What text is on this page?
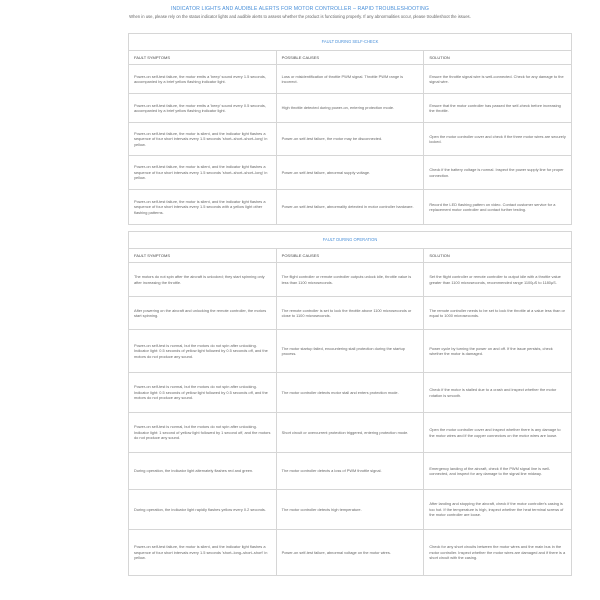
INDICATOR LIGHTS AND AUDIBLE ALERTS FOR MOTOR CONTROLLER – RAPID TROUBLESHOOTING
When in use, please rely on the status indicator lights and audible alerts to assess whether the product is functioning properly. If any abnormalities occur, please troubleshoot the issues.
FAULT DURING SELF-CHECK		
FAULT SYMPTOMS	POSSIBLE CAUSES	SOLUTION
Power-on self-test failure, the motor emits a 'beep' sound every 1.5 seconds, accompanied by a brief yellow flashing indicator light.	Loss or misidentification of throttle PWM signal. Throttle PWM range is incorrect.	Ensure the throttle signal wire is well-connected. Check for any damage to the signal wire.
Power-on self-test failure, the motor emits a 'beep' sound every 0.5 seconds, accompanied by a brief yellow flashing indicator light.	High throttle detected during power-on, entering protection mode.	Ensure that the motor controller has passed the self-check before increasing the throttle.
Power-on self-test failure, the motor is silent, and the indicator light flashes a sequence of four short intervals every 1.5 seconds 'short–short–short–long' in yellow.	Power-on self-test failure, the motor may be disconnected.	Open the motor controller cover and check if the three motor wires are securely locked.
Power-on self-test failure, the motor is silent, and the indicator light flashes a sequence of four short intervals every 1.5 seconds 'short–short–short–long' in yellow.	Power-on self-test failure, abnormal supply voltage.	Check if the battery voltage is normal. Inspect the power supply line for proper connection.
Power-on self-test failure, the motor is silent, and the indicator light flashes a sequence of four short intervals every 1.5 seconds with a yellow light other flashing patterns.	Power-on self-test failure, abnormality detected in motor controller hardware.	Record the LED flashing pattern on video. Contact customer service for a replacement motor controller and contact further testing.
FAULT DURING OPERATION		
FAULT SYMPTOMS	POSSIBLE CAUSES	SOLUTION
The motors do not spin after the aircraft is unlocked; they start spinning only after increasing the throttle.	The flight controller or remote controller outputs unlock idle, throttle value is less than 1100 microseconds.	Set the flight controller or remote controller to output idle with a throttle value greater than 1100 microseconds, recommended range 1100μS to 1180μS.
After powering on the aircraft and unlocking the remote controller, the motors start spinning.	The remote controller is set to lock the throttle above 1100 microseconds or close to 1100 microseconds.	The remote controller needs to be set to lock the throttle at a value less than or equal to 1000 microseconds.
Power-on self-test is normal, but the motors do not spin after unlocking. Indicator light: 0.5 seconds of yellow light followed by 0.5 seconds off, and the motors do not produce any sound.	The motor startup failed, encountering stall protection during the startup process.	Power cycle by turning the power on and off. If the issue persists, check whether the motor is damaged.
Power-on self-test is normal, but the motors do not spin after unlocking. Indicator light: 0.5 seconds of yellow light followed by 0.5 seconds off, and the motors do not produce any sound.	The motor controller detects motor stall and enters protection mode.	Check if the motor is stalled due to a crash and inspect whether the motor rotation is smooth.
Power-on self-test is normal, but the motors do not spin after unlocking. Indicator light: 1 second of yellow light followed by 1 second off, and the motors do not produce any sound.	Short circuit or overcurrent protection triggered, entering protection mode.	Open the motor controller cover and inspect whether there is any damage to the motor wires and if the copper connectors on the motor wires are loose.
During operation, the indicator light alternately flashes red and green.	The motor controller detects a loss of PWM throttle signal.	Emergency landing of the aircraft, check if the PWM signal line is well-connected, and inspect for any damage to the signal line midway.
During operation, the indicator light rapidly flashes yellow every 0.2 seconds.	The motor controller detects high temperature.	After landing and stopping the aircraft, check if the motor controller's casing is too hot. If the temperature is high, inspect whether the heat terminal screws of the motor controller are loose.
Power-on self-test failure, the motor is silent, and the indicator light flashes a sequence of four short intervals every 1.5 seconds 'short–long–short–short' in yellow.	Power-on self-test failure, abnormal voltage on the motor wires.	Check for any short circuits between the motor wires and the main bus in the motor controller. Inspect whether the motor wires are damaged and if there is a short circuit with the casing.
